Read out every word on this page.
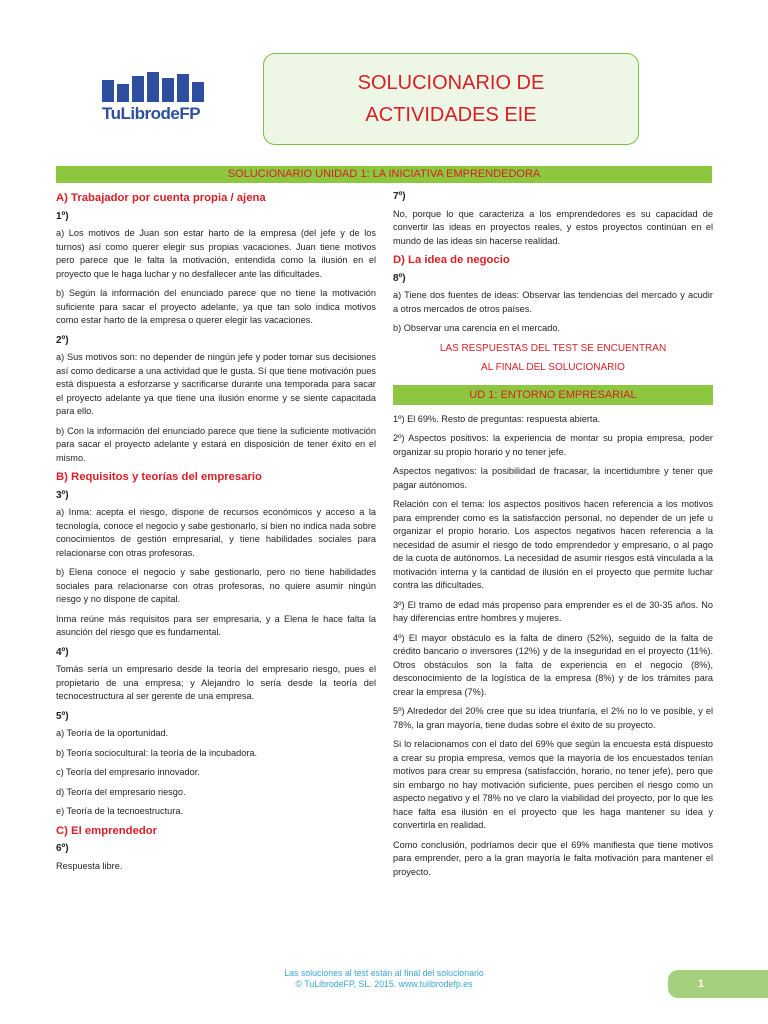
TuLibrodeFP
SOLUCIONARIO DE
ACTIVIDADES EIE
SOLUCIONARIO UNIDAD 1: LA INICIATIVA EMPRENDEDORA
A) Trabajador por cuenta propia / ajena
1º)

a) Los motivos de Juan son estar harto de la empresa (del jefe y de los turnos) así como querer elegir sus propias vacaciones. Juan tiene motivos pero parece que le falta la motivación, entendida como la ilusión en el proyecto que le haga luchar y no desfallecer ante las dificultades.

b) Según la información del enunciado parece que no tiene la motivación suficiente para sacar el proyecto adelante, ya que tan solo indica motivos como estar harto de la empresa o querer elegir las vacaciones.

2º)

a) Sus motivos son: no depender de ningún jefe y poder tomar sus decisiones así como dedicarse a una actividad que le gusta. Sí que tiene motivación pues está dispuesta a esforzarse y sacrificarse durante una temporada para sacar el proyecto adelante ya que tiene una ilusión enorme y se siente capacitada para ello.

b) Con la información del enunciado parece que tiene la suficiente motivación para sacar el proyecto adelante y estará en disposición de tener éxito en el mismo.

B) Requisitos y teorías del empresario
3º)

a) Inma: acepta el riesgo, dispone de recursos económicos y acceso a la tecnología, conoce el negocio y sabe gestionarlo, si bien no indica nada sobre conocimientos de gestión empresarial, y tiene habilidades sociales para relacionarse con otras profesoras.

b) Elena conoce el negocio y sabe gestionarlo, pero no tiene habilidades sociales para relacionarse con otras profesoras, no quiere asumir ningún riesgo y no dispone de capital.

Inma reúne más requisitos para ser empresaria, y a Elena le hace falta la asunción del riesgo que es fundamental.

4º)

Tomás sería un empresario desde la teoría del empresario riesgo, pues el propietario de una empresa; y Alejandro lo sería desde la teoría del tecnocestructura al ser gerente de una empresa.

5º)

a) Teoría de la oportunidad.

b) Teoría sociocultural: la teoría de la incubadora.

c) Teoría del empresario innovador.

d) Teoría del empresario riesgo.

e) Teoría de la tecnoestructura.

C) El emprendedor
6º)

Respuesta libre.

7º)

No, porque lo que caracteriza a los emprendedores es su capacidad de convertir las ideas en proyectos reales, y estos proyectos continúan en el mundo de las ideas sin hacerse realidad.

D) La idea de negocio
8º)

a) Tiene dos fuentes de ideas: Observar las tendencias del mercado y acudir a otros mercados de otros países.

b) Observar una carencia en el mercado.

LAS RESPUESTAS DEL TEST SE ENCUENTRAN

AL FINAL DEL SOLUCIONARIO

UD 1: ENTORNO EMPRESARIAL

1º) El 69%. Resto de preguntas: respuesta abierta.

2º) Aspectos positivos: la experiencia de montar su propia empresa, poder organizar su propio horario y no tener jefe.

Aspectos negativos: la posibilidad de fracasar, la incertidumbre y tener que pagar autónomos.

Relación con el tema: los aspectos positivos hacen referencia a los motivos para emprender como es la satisfacción personal, no depender de un jefe u organizar el propio horario. Los aspectos negativos hacen referencia a la necesidad de asumir el riesgo de todo emprendedor y empresario, o al pago de la cuota de autónomos. La necesidad de asumir riesgos está vinculada a la motivación interna y la cantidad de ilusión en el proyecto que permite luchar contra las dificultades.

3º) El tramo de edad más propenso para emprender es el de 30-35 años. No hay diferencias entre hombres y mujeres.

4º) El mayor obstáculo es la falta de dinero (52%), seguido de la falta de crédito bancario o inversores (12%) y de la inseguridad en el proyecto (11%). Otros obstáculos son la falta de experiencia en el negocio (8%), desconocimiento de la logística de la empresa (8%) y de los trámites para crear la empresa (7%).

5º) Alrededor del 20% cree que su idea triunfaría, el 2% no lo ve posible, y el 78%, la gran mayoría, tiene dudas sobre el éxito de su proyecto.

Si lo relacionamos con el dato del 69% que según la encuesta está dispuesto a crear su propia empresa, vemos que la mayoría de los encuestados tenían motivos para crear su empresa (satisfacción, horario, no tener jefe), pero que sin embargo no hay motivación suficiente, pues perciben el riesgo como un aspecto negativo y el 78% no ve claro la viabilidad del proyecto, por lo que les hace falta esa ilusión en el proyecto que les haga mantener su idea y convertirla en realidad.

Como conclusión, podríamos decir que el 69% manifiesta que tiene motivos para emprender, pero a la gran mayoría le falta motivación para mantener el proyecto.

Las soluciones al test están al final del solucionario
© TuLibrodeFP, SL. 2015. www.tulibrodefp.es	1
